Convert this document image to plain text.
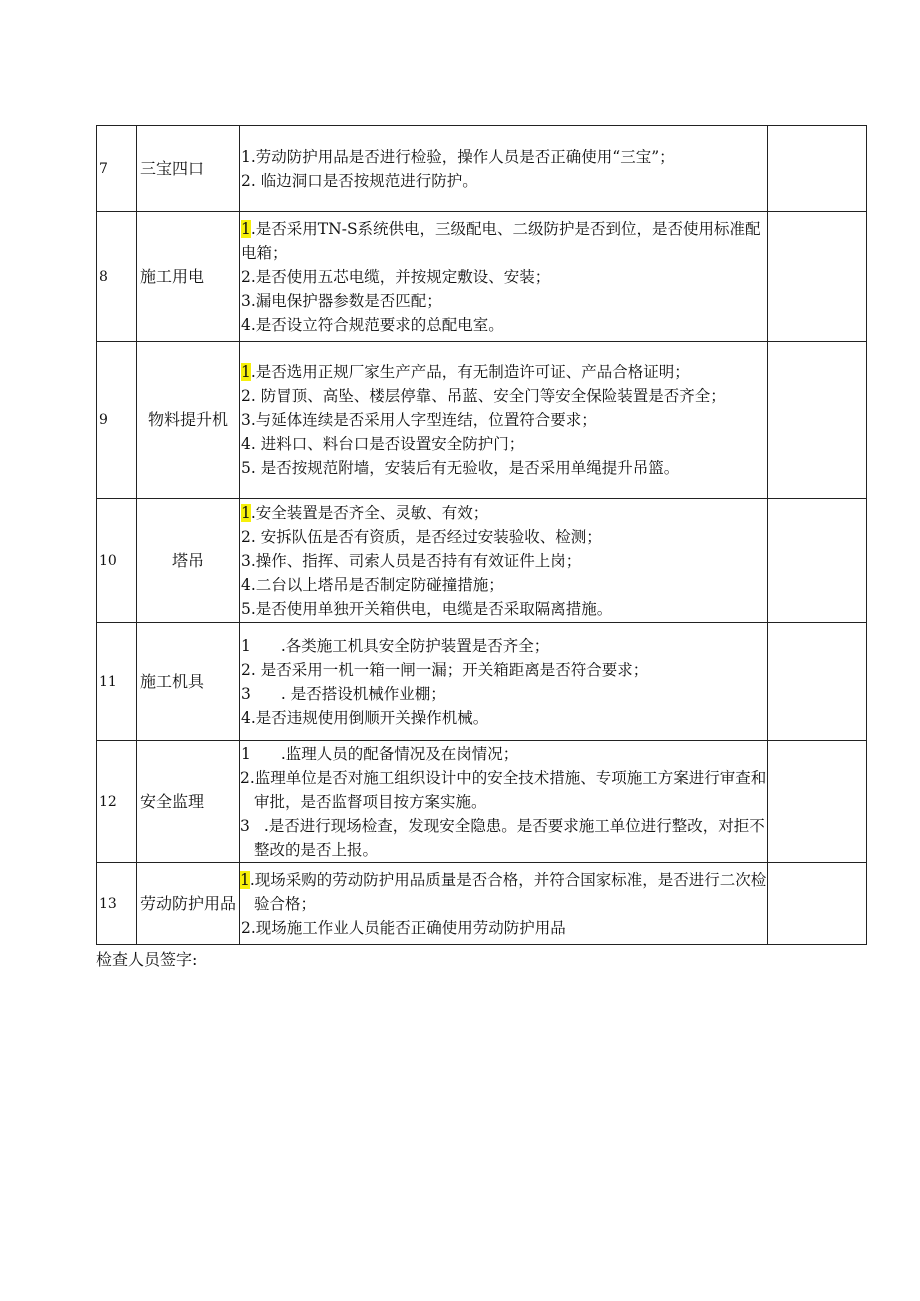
7	三宝四口	1.劳动防护用品是否进行检验，操作人员是否正确使用“三宝”；
2. 临边洞口是否按规范进行防护。	

8	施工用电	1.是否采用TN-S系统供电，三级配电、二级防护是否到位，是否使用标准配电箱；
2.是否使用五芯电缆，并按规定敷设、安装；
3.漏电保护器参数是否匹配；
4.是否设立符合规范要求的总配电室。	

9	物料提升机	1.是否选用正规厂家生产产品，有无制造许可证、产品合格证明；
2. 防冒顶、高坠、楼层停靠、吊蓝、安全门等安全保险装置是否齐全；
3.与延体连续是否采用人字型连结，位置符合要求；
4. 进料口、料台口是否设置安全防护门；
5. 是否按规范附墙，安装后有无验收，是否采用单绳提升吊篮。	

10	塔吊	1.安全装置是否齐全、灵敏、有效；
2. 安拆队伍是否有资质，是否经过安装验收、检测；
3.操作、指挥、司索人员是否持有有效证件上岗；
4.二台以上塔吊是否制定防碰撞措施；
5.是否使用单独开关箱供电，电缆是否采取隔离措施。	

11	施工机具	1 .各类施工机具安全防护装置是否齐全；
2. 是否采用一机一箱一闸一漏；开关箱距离是否符合要求；
3 . 是否搭设机械作业棚；
4.是否违规使用倒顺开关操作机械。	

12	安全监理	1 .监理人员的配备情况及在岗情况；
2.监理单位是否对施工组织设计中的安全技术措施、专项施工方案进行审查和审批，是否监督项目按方案实施。
3 .是否进行现场检查，发现安全隐患。是否要求施工单位进行整改，对拒不整改的是否上报。	

13	劳动防护用品	1.现场采购的劳动防护用品质量是否合格，并符合国家标准，是否进行二次检验合格；
2.现场施工作业人员能否正确使用劳动防护用品	

检查人员签字:
